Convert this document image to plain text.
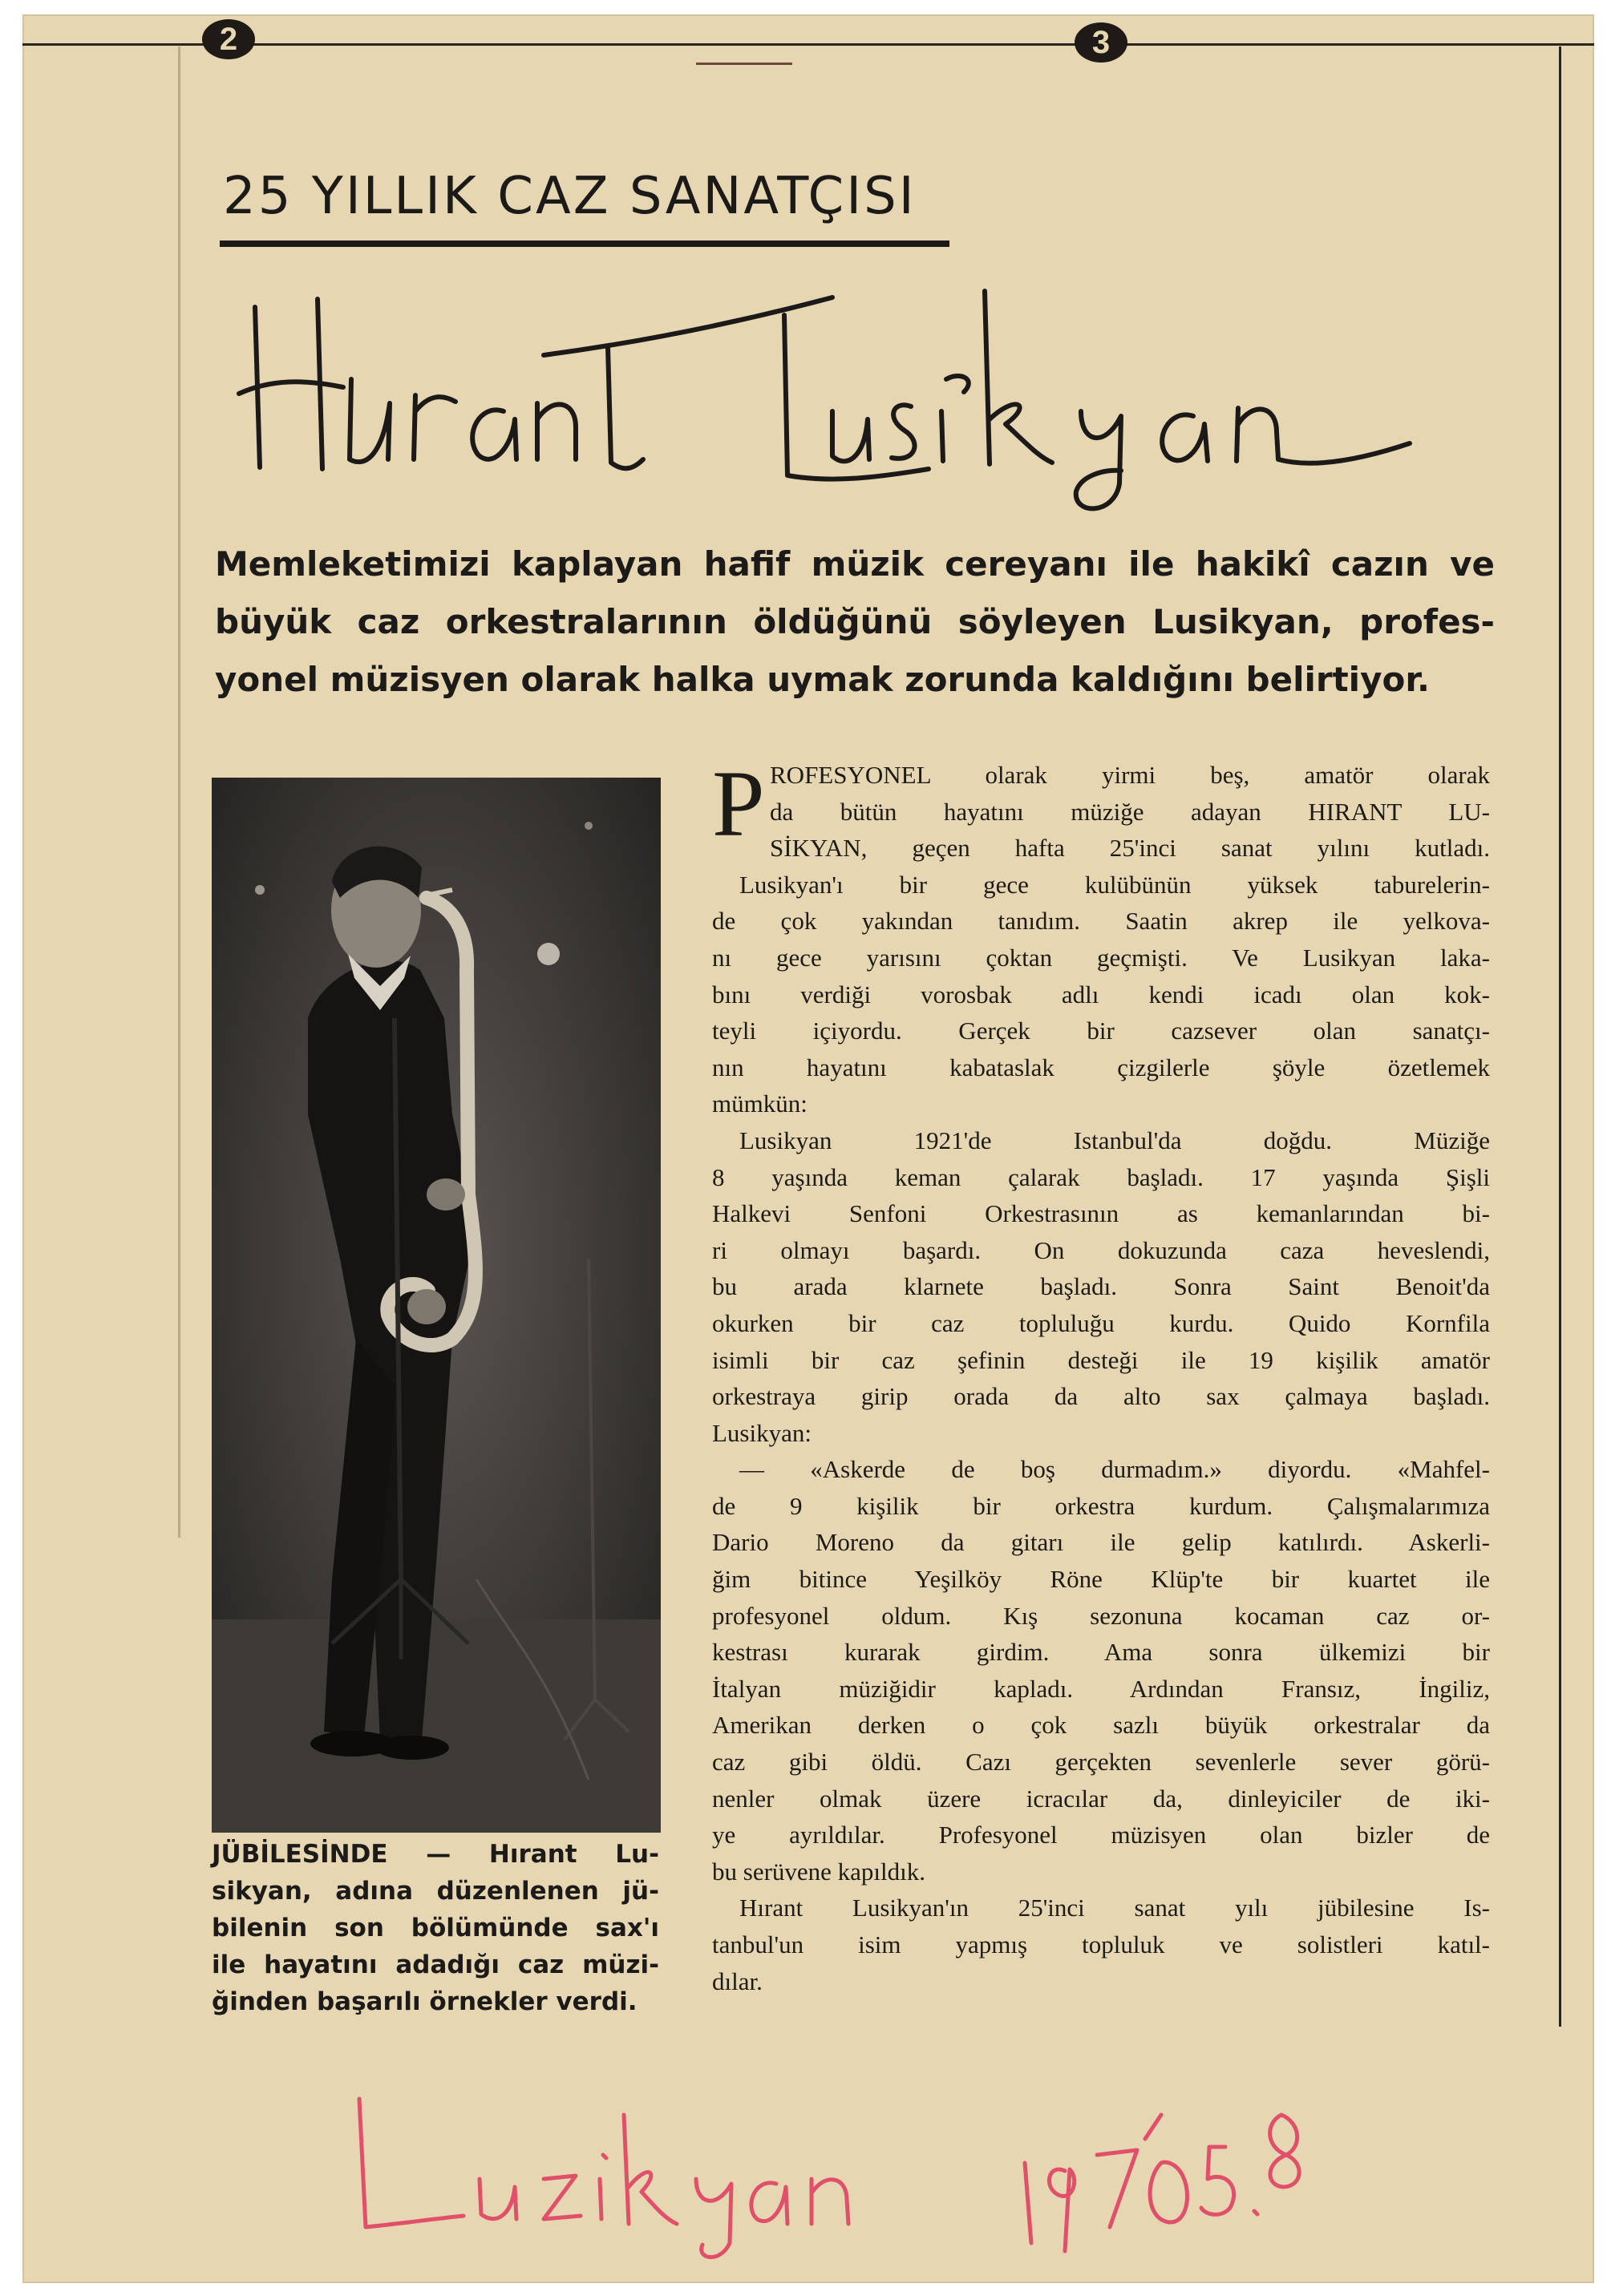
2	3
25 YILLIK CAZ SANATÇISI
Memleketimizi kaplayan hafif müzik cereyanı ile hakikî cazın ve
büyük caz orkestralarının öldüğünü söyleyen Lusikyan, profes-
yonel müzisyen olarak halka uymak zorunda kaldığını belirtiyor.
JÜBİLESİNDE — Hırant Lu-
sikyan, adına düzenlenen jü-
bilenin son bölümünde sax'ı
ile hayatını adadığı caz müzi-
ğinden başarılı örnekler verdi.
P ROFESYONEL olarak yirmi beş, amatör olarak
da bütün hayatını müziğe adayan HIRANT LU-
SİKYAN, geçen hafta 25'inci sanat yılını kutladı.
Lusikyan'ı bir gece kulübünün yüksek taburelerin-
de çok yakından tanıdım. Saatin akrep ile yelkova-
nı gece yarısını çoktan geçmişti. Ve Lusikyan laka-
bını verdiği vorosbak adlı kendi icadı olan kok-
teyli içiyordu. Gerçek bir cazsever olan sanatçı-
nın hayatını kabataslak çizgilerle şöyle özetlemek
mümkün:
Lusikyan 1921'de Istanbul'da doğdu. Müziğe
8 yaşında keman çalarak başladı. 17 yaşında Şişli
Halkevi Senfoni Orkestrasının as kemanlarından bi-
ri olmayı başardı. On dokuzunda caza heveslendi,
bu arada klarnete başladı. Sonra Saint Benoit'da
okurken bir caz topluluğu kurdu. Quido Kornfila
isimli bir caz şefinin desteği ile 19 kişilik amatör
orkestraya girip orada da alto sax çalmaya başladı.
Lusikyan:
— «Askerde de boş durmadım.» diyordu. «Mahfel-
de 9 kişilik bir orkestra kurdum. Çalışmalarımıza
Dario Moreno da gitarı ile gelip katılırdı. Askerli-
ğim bitince Yeşilköy Röne Klüp'te bir kuartet ile
profesyonel oldum. Kış sezonuna kocaman caz or-
kestrası kurarak girdim. Ama sonra ülkemizi bir
İtalyan müziğidir kapladı. Ardından Fransız, İngiliz,
Amerikan derken o çok sazlı büyük orkestralar da
caz gibi öldü. Cazı gerçekten sevenlerle sever görü-
nenler olmak üzere icracılar da, dinleyiciler de iki-
ye ayrıldılar. Profesyonel müzisyen olan bizler de
bu serüvene kapıldık.
Hırant Lusikyan'ın 25'inci sanat yılı jübilesine Is-
tanbul'un isim yapmış topluluk ve solistleri katıl-
dılar.
